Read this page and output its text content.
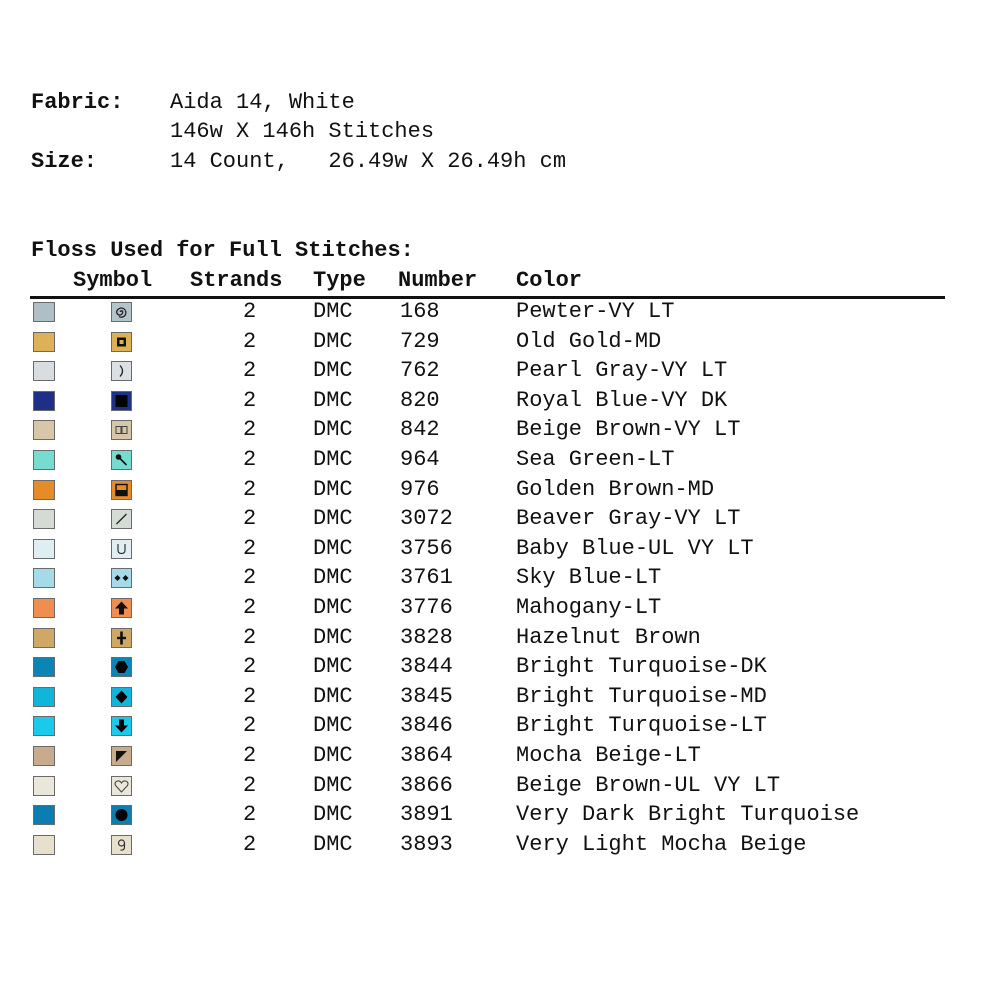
Fabric: Aida 14, White
146w X 146h Stitches
Size:	14 Count,   26.49w X 26.49h cm
Floss Used for Full Stitches:
Symbol Strands Type Number Color
2	DMC 168	Pewter-VY LT
2	DMC 729	Old Gold-MD
2	DMC 762	Pearl Gray-VY LT
2	DMC 820	Royal Blue-VY DK
2	DMC 842	Beige Brown-VY LT
2	DMC 964	Sea Green-LT
2	DMC 976	Golden Brown-MD
2	DMC 3072	Beaver Gray-VY LT
2	DMC 3756	Baby Blue-UL VY LT
2	DMC 3761	Sky Blue-LT
2	DMC 3776	Mahogany-LT
2	DMC 3828	Hazelnut Brown
2	DMC 3844	Bright Turquoise-DK
2	DMC 3845	Bright Turquoise-MD
2	DMC 3846	Bright Turquoise-LT
2	DMC 3864	Mocha Beige-LT
2	DMC 3866	Beige Brown-UL VY LT
2	DMC 3891	Very Dark Bright Turquoise
2	DMC 3893	Very Light Mocha Beige
